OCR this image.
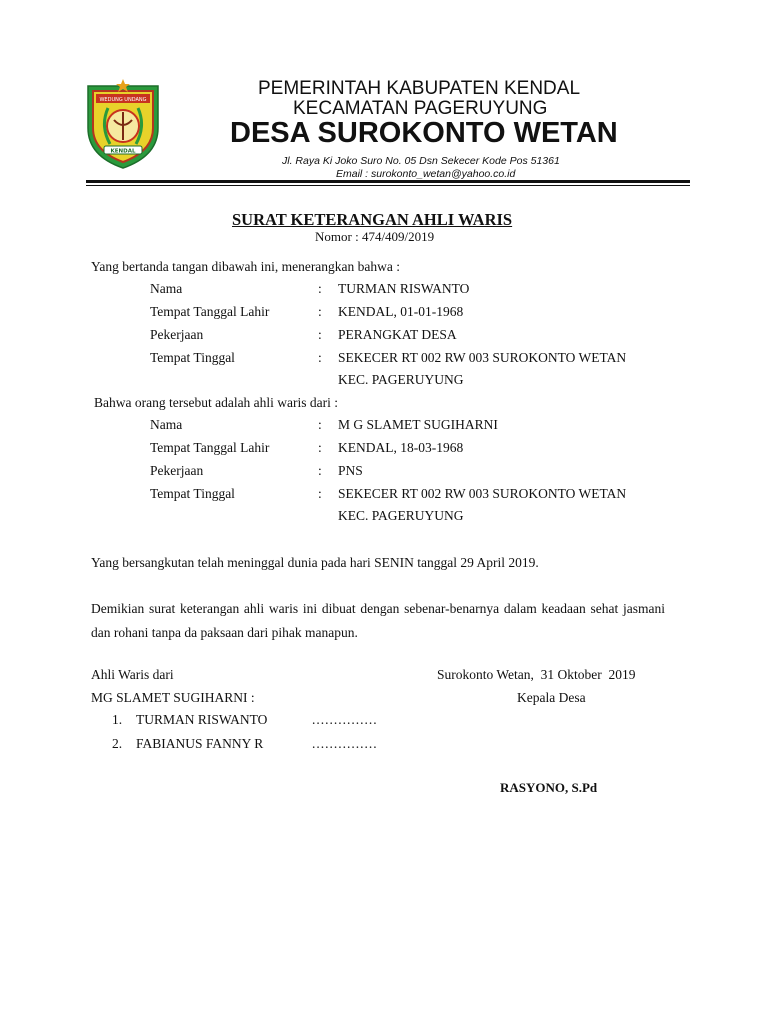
WEDUNG UNDANG
KENDAL
PEMERINTAH KABUPATEN KENDAL
KECAMATAN PAGERUYUNG
DESA SUROKONTO WETAN
Jl. Raya Ki Joko Suro No. 05 Dsn Sekecer Kode Pos 51361
Email : surokonto_wetan@yahoo.co.id
SURAT KETERANGAN AHLI WARIS
Nomor : 474/409/2019
Yang bertanda tangan dibawah ini, menerangkan bahwa :
Nama	: TURMAN RISWANTO
Tempat Tanggal Lahir	: KENDAL, 01-01-1968
Pekerjaan	: PERANGKAT DESA
Tempat Tinggal	: SEKECER RT 002 RW 003 SUROKONTO WETAN
KEC. PAGERUYUNG
Bahwa orang tersebut adalah ahli waris dari :
Nama	: M G SLAMET SUGIHARNI
Tempat Tanggal Lahir	: KENDAL, 18-03-1968
Pekerjaan	: PNS
Tempat Tinggal	: SEKECER RT 002 RW 003 SUROKONTO WETAN
KEC. PAGERUYUNG
Yang bersangkutan telah meninggal dunia pada hari SENIN tanggal 29 April 2019.
Demikian surat keterangan ahli waris ini dibuat dengan sebenar-benarnya dalam keadaan sehat jasmani dan rohani tanpa da paksaan dari pihak manapun.
Ahli Waris dari
MG SLAMET SUGIHARNI :
1. TURMAN RISWANTO	...............
2. FABIANUS FANNY R	...............
Surokonto Wetan,  31 Oktober  2019
Kepala Desa
RASYONO, S.Pd
